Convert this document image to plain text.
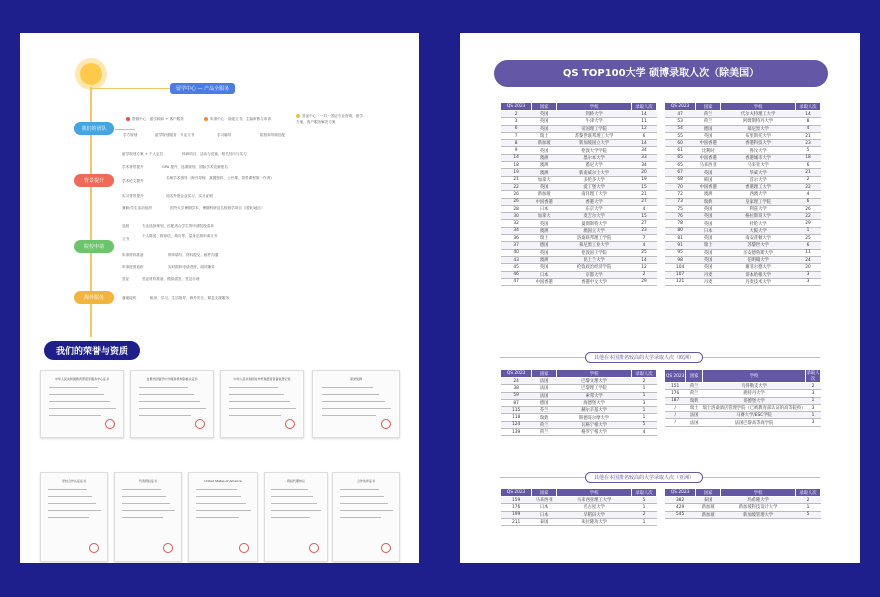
留学中心 — 产品全服务
我们的团队
资源中心 · 留学顾问 + 客户服务	申请中心 · 高级文书、主编审核与申请
签证中心 · 一对一签证专业咨询，留学方案，客户服务解决方案
学方规划	留学规划服务 · 专业文书	学习辅导	院校和导师匹配
背景提升
留学规划方案 + 个人定位	科研项目、活动与竞赛，相关经历与实习
学术背景提升	GPA 提升、选课规划、国际学术竞赛报名
学术论文提升
名师学术指导（海外导师、真题资料、公开课、背景课程第一作者）
实习背景提升	知名外资企业实习、实习证明
兼职/学生活动组织	国外大学暑期学术、暑期科研及名校游学项目（国家/地区）
院校申请
选校	专业选择规划，匹配适合学生的申请院校清单
文书
个人陈述、推荐信、简历等，量身定制申请文书
申请材料准备	网申填写、材料提交、邮件沟通
申请进度追踪	实时跟踪申请进度，面试辅导
签证	签证材料准备、模拟面签、签证办理
海外服务	落地接机	租房、学习、生活指导、海外安全、紧急支援服务
我们的荣誉与资质
中华人民共和国教育部留学服务中心证书	自费出国留学中介服务机构资格认定书	中华人民共和国对外贸易经营者备案登记表	荣誉奖牌
学校合作认证证书	代表授权证书	United States of America	授权代理协议	合作伙伴证书
QS TOP100大学 硕博录取人次（除美国）
QS 2023	国家	学校	录取人次
2	英国	剑桥大学	14
3	英国	牛津大学	11
6	英国	帝国理工学院	12
7	瑞士	苏黎世联邦理工大学	6
8	新加坡	新加坡国立大学	14
9	英国	伦敦大学学院	34
14	澳洲	墨尔本大学	33
18	澳洲	悉尼大学	34
19	澳洲	新南威尔士大学	20
21	加拿大	多伦多大学	19
22	英国	爱丁堡大学	15
26	新加坡	南洋理工大学	21
26	中国香港	香港大学	27
28	日本	东京大学	4
30	加拿大	麦吉尔大学	15
32	英国	曼彻斯特大学	27
34	澳洲	澳国立大学	23
36	瑞士	洛桑联邦理工学院	7
37	德国	慕尼黑工业大学	4
40	英国	伦敦国王学院	25
43	澳洲	昆士兰大学	14
45	英国	伦敦政治经济学院	12
46	日本	京都大学	2
47	中国香港	香港中文大学	29
QS 2023	国家	学校	录取人次
47	荷兰	代尔夫特理工大学	14
53	荷兰	阿姆斯特丹大学	8
54	德国	慕尼黑大学	4
55	英国	布里斯托大学	21
60	中国香港	香港科技大学	23
61	比利时	鲁汶大学	5
65	中国香港	香港城市大学	18
65	马来西亚	马来亚大学	6
67	英国	华威大学	21
68	韩国	首尔大学	2
70	中国香港	香港理工大学	22
72	澳洲	西澳大学	4
73	瑞典	皇家理工学院	6
75	英国	利兹大学	26
76	英国	格拉斯哥大学	22
78	英国	杜伦大学	29
80	日本	大阪大学	1
81	英国	南安普顿大学	25
91	瑞士	苏黎世大学	6
95	英国	圣安德鲁斯大学	11
98	英国	伯明翰大学	24
104	英国	谢菲尔德大学	20
107	丹麦	哥本哈根大学	3
121	丹麦	丹麦技术大学	3
其他在本国排名较高的大学录取人次（欧洲）
QS 2023	国家	学校	录取人次
24	法国	巴黎文理大学	2
38	法国	巴黎理工学院	1
59	法国	索邦大学	1
87	德国	海德堡大学	3
115	芬兰	赫尔辛基大学	1
118	瑞典	斯德哥尔摩大学	1
124	荷兰	瓦格宁根大学	5
139	荷兰	格罗宁根大学	4
QS 2023	国家	学校	录取人次
151	荷兰	乌得勒支大学	2
176	荷兰	鹿特丹大学	3
187	瑞典	哥德堡大学	1
/	瑞士	瑞士洛桑酒店管理学院（已被教育部认证的高等院校）	3
/	法国	马赛大学/ESC学院	1
/	法国	法国巴黎高等商学院	3
其他在本国排名较高的大学录取人次（亚洲）
QS 2023	国家	学校	录取人次
159	马来西亚	马来西亚理工大学	5
176	日本	名古屋大学	1
199	日本	早稻田大学	2
211	泰国	朱拉隆功大学	1
QS 2023	国家	学校	录取人次
382	泰国	玛希隆大学	2
429	新加坡	新加坡科技设计大学	1
545	新加坡	新加坡管理大学	5
